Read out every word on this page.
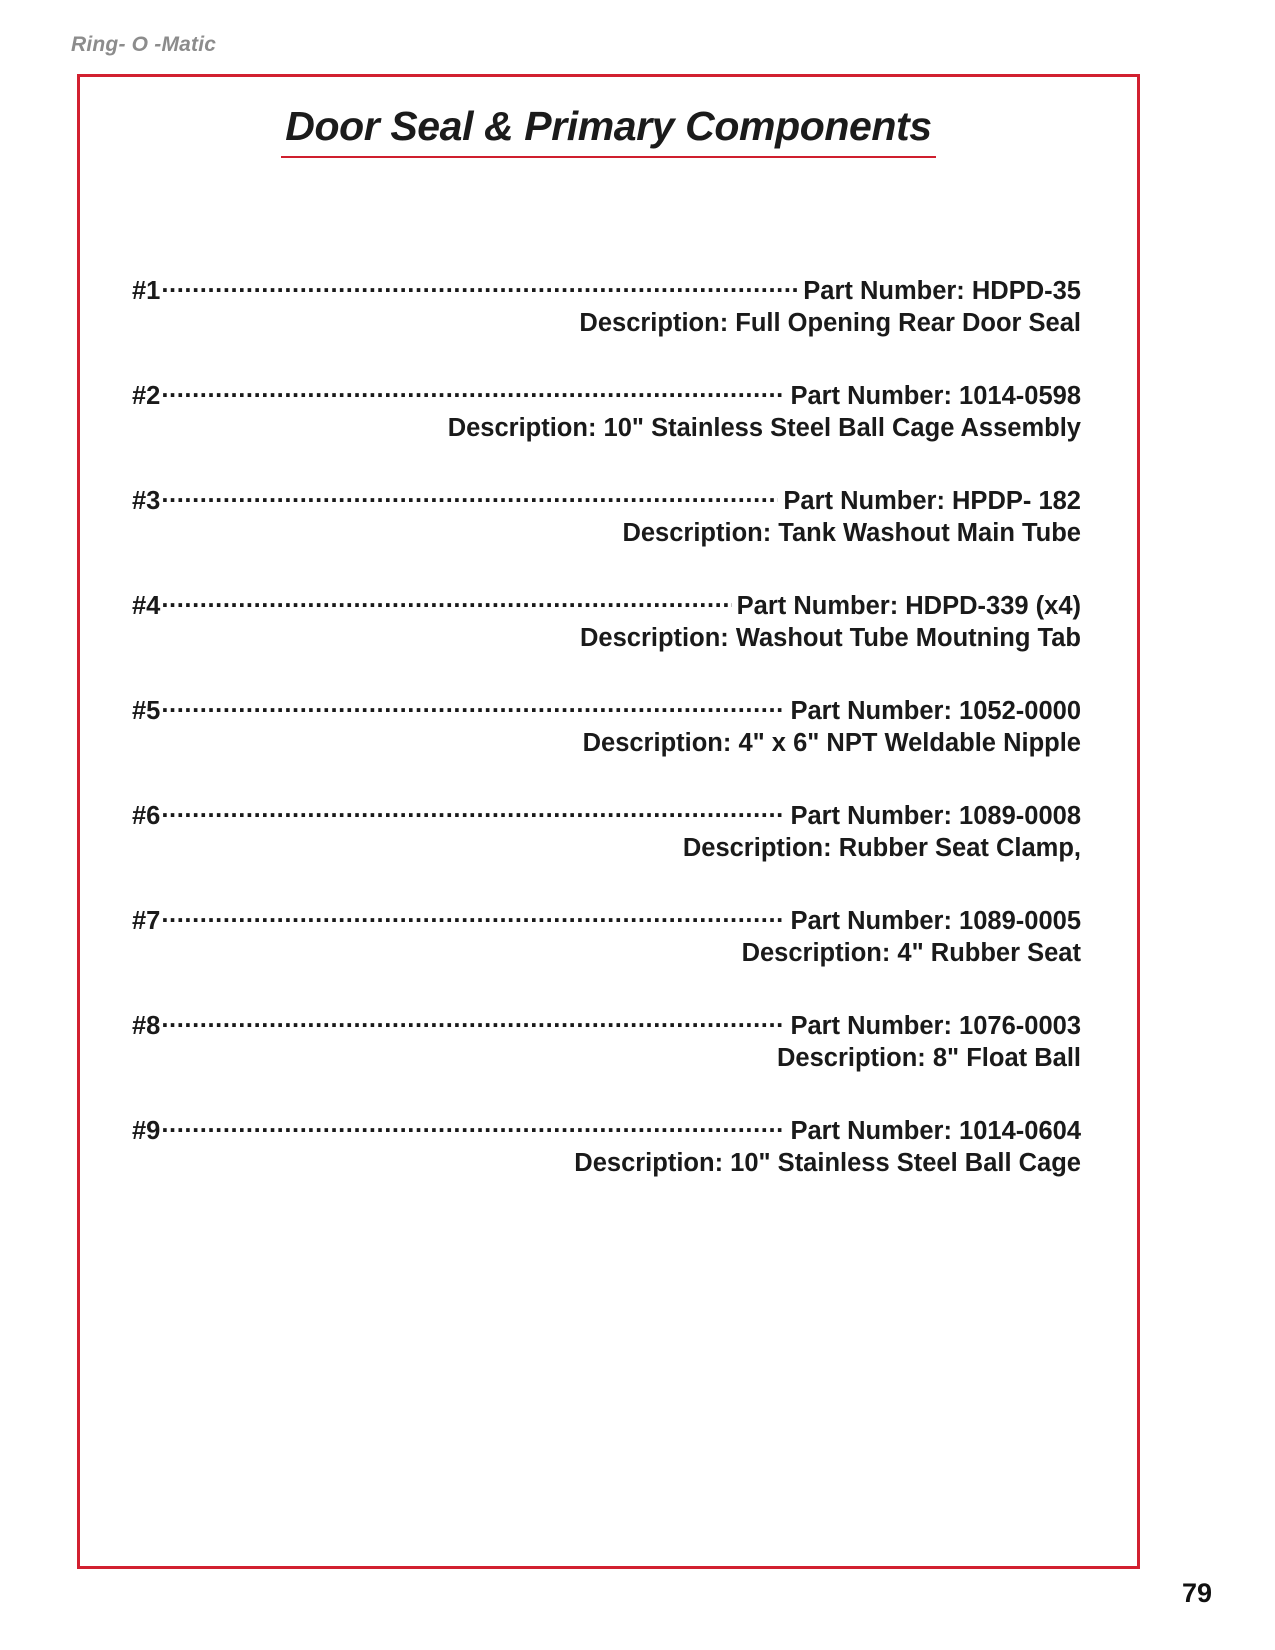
Ring- O -Matic
Door Seal & Primary Components
#1 .....	Part Number: HDPD-35
Description: Full Opening Rear Door Seal
#2 .....	Part Number: 1014-0598
Description: 10" Stainless Steel Ball Cage Assembly
#3 .....	Part Number: HPDP- 182
Description: Tank Washout Main Tube
#4 .....	Part Number: HDPD-339 (x4)
Description: Washout Tube Moutning Tab
#5 .....	Part Number: 1052-0000
Description: 4" x 6" NPT Weldable Nipple
#6 .....	Part Number: 1089-0008
Description: Rubber Seat Clamp,
#7 .....	Part Number: 1089-0005
Description: 4" Rubber Seat
#8 .....	Part Number: 1076-0003
Description: 8" Float Ball
#9 .....	Part Number: 1014-0604
Description: 10" Stainless Steel Ball Cage
79
